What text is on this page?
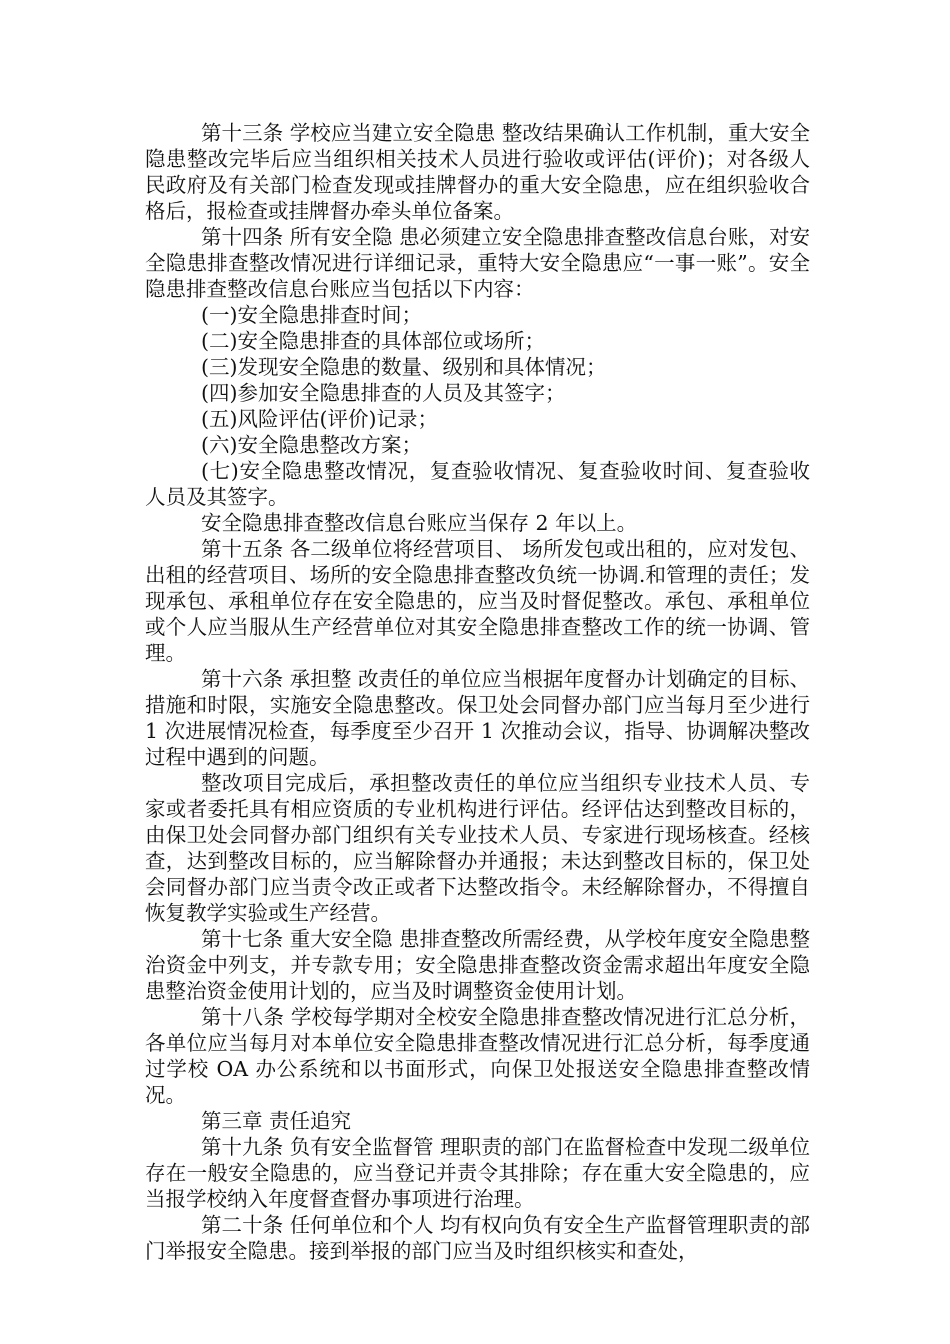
第十三条 学校应当建立安全隐患 整改结果确认工作机制，重大安全隐患整改完毕后应当组织相关技术人员进行验收或评估(评价)；对各级人民政府及有关部门检查发现或挂牌督办的重大安全隐患，应在组织验收合格后，报检查或挂牌督办牵头单位备案。

第十四条 所有安全隐 患必须建立安全隐患排查整改信息台账，对安全隐患排查整改情况进行详细记录，重特大安全隐患应“一事一账”。安全隐患排查整改信息台账应当包括以下内容：

(一)安全隐患排查时间；

(二)安全隐患排查的具体部位或场所；

(三)发现安全隐患的数量、级别和具体情况；

(四)参加安全隐患排查的人员及其签字；

(五)风险评估(评价)记录；

(六)安全隐患整改方案；

(七)安全隐患整改情况，复查验收情况、复查验收时间、复查验收人员及其签字。

安全隐患排查整改信息台账应当保存 2 年以上。

第十五条 各二级单位将经营项目、 场所发包或出租的，应对发包、出租的经营项目、场所的安全隐患排查整改负统一协调.和管理的责任；发现承包、承租单位存在安全隐患的，应当及时督促整改。承包、承租单位或个人应当服从生产经营单位对其安全隐患排查整改工作的统一协调、管理。

第十六条 承担整 改责任的单位应当根据年度督办计划确定的目标、措施和时限，实施安全隐患整改。保卫处会同督办部门应当每月至少进行 1 次进展情况检查，每季度至少召开 1 次推动会议，指导、协调解决整改过程中遇到的问题。

整改项目完成后，承担整改责任的单位应当组织专业技术人员、专家或者委托具有相应资质的专业机构进行评估。经评估达到整改目标的，由保卫处会同督办部门组织有关专业技术人员、专家进行现场核查。经核查，达到整改目标的，应当解除督办并通报；未达到整改目标的，保卫处会同督办部门应当责令改正或者下达整改指令。未经解除督办，不得擅自恢复教学实验或生产经营。

第十七条 重大安全隐 患排查整改所需经费，从学校年度安全隐患整治资金中列支，并专款专用；安全隐患排查整改资金需求超出年度安全隐患整治资金使用计划的，应当及时调整资金使用计划。

第十八条 学校每学期对全校安全隐患排查整改情况进行汇总分析，各单位应当每月对本单位安全隐患排查整改情况进行汇总分析，每季度通过学校 OA 办公系统和以书面形式，向保卫处报送安全隐患排查整改情况。

第三章 责任追究

第十九条 负有安全监督管 理职责的部门在监督检查中发现二级单位存在一般安全隐患的，应当登记并责令其排除；存在重大安全隐患的，应当报学校纳入年度督查督办事项进行治理。

第二十条 任何单位和个人 均有权向负有安全生产监督管理职责的部门举报安全隐患。接到举报的部门应当及时组织核实和查处，
